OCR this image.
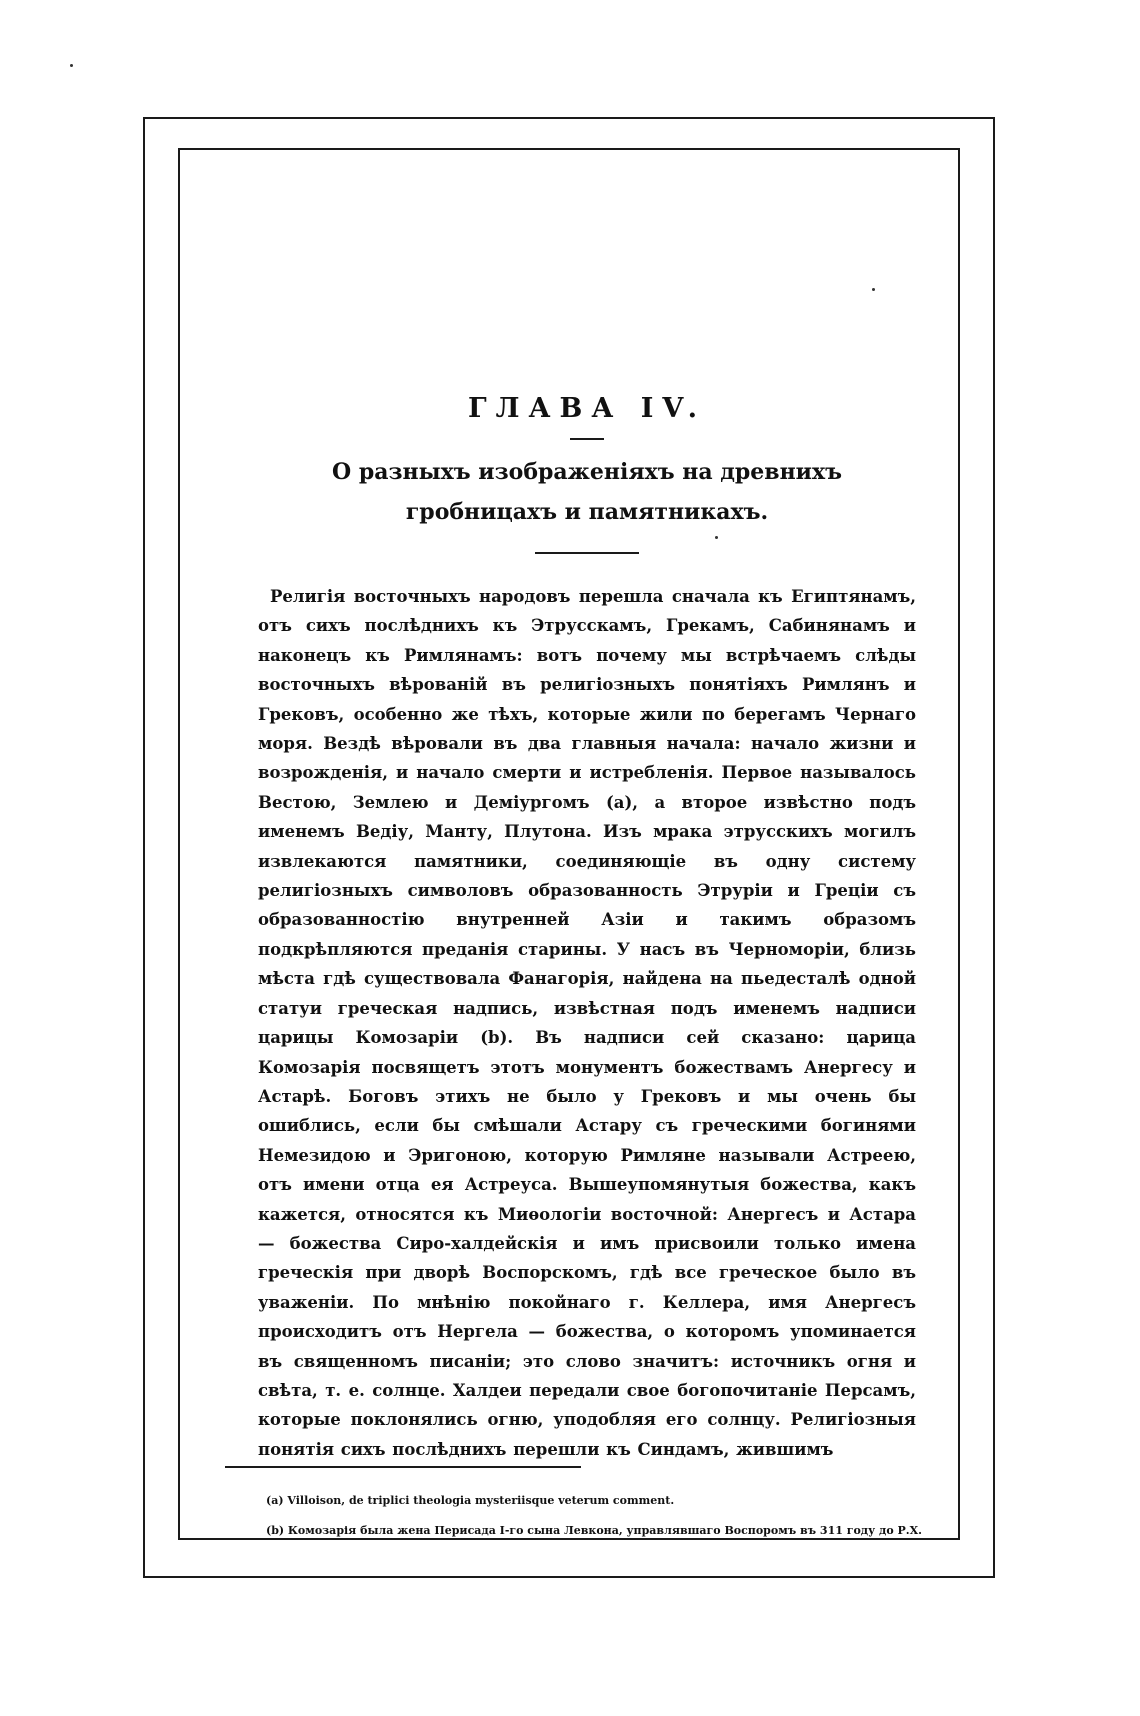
ГЛАВА IV.
О разныхъ изображеніяхъ на древнихъ гробницахъ и памятникахъ.

Религія восточныхъ народовъ перешла сначала къ Египтянамъ, отъ сихъ послѣднихъ къ Этрусскамъ, Грекамъ, Сабинянамъ и наконецъ къ Римлянамъ: вотъ почему мы встрѣчаемъ слѣды восточныхъ вѣрованій въ религіозныхъ понятіяхъ Римлянъ и Грековъ, особенно же тѣхъ, которые жили по берегамъ Чернаго моря. Вездѣ вѣровали въ два главныя начала: начало жизни и возрожденія, и начало смерти и истребленія. Первое называлось Вестою, Землею и Деміургомъ (а), а второе извѣстно подъ именемъ Ведіу, Манту, Плутона. Изъ мрака этрусскихъ могилъ извлекаются памятники, соединяющіе въ одну систему религіозныхъ символовъ образованность Этруріи и Греціи съ образованностію внутренней Азіи и такимъ образомъ подкрѣпляются преданія старины. У насъ въ Черноморіи, близь мѣста гдѣ существовала Фанагорія, найдена на пьедесталѣ одной статуи греческая надпись, извѣстная подъ именемъ надписи царицы Комозаріи (b). Въ надписи сей сказано: царица Комозарія посвящетъ этотъ монументъ божествамъ Анергесу и Астарѣ. Боговъ этихъ не было у Грековъ и мы очень бы ошиблись, если бы смѣшали Астару съ греческими богинями Немезидою и Эригоною, которую Римляне называли Астреею, отъ имени отца ея Астреуса. Вышеупомянутыя божества, какъ кажется, относятся къ Миѳологіи восточной: Анергесъ и Астара — божества Сиро-халдейскія и имъ присвоили только имена греческія при дворѣ Воспорскомъ, гдѣ все греческое было въ уваженіи. По мнѣнію покойнаго г. Келлера, имя Анергесъ происходитъ отъ Нергела — божества, о которомъ упоминается въ священномъ писаніи; это слово значитъ: источникъ огня и свѣта, т. е. солнце. Халдеи передали свое богопочитаніе Персамъ, которые поклонялись огню, уподобляя его солнцу. Религіозныя понятія сихъ послѣднихъ перешли къ Синдамъ, жившимъ

(a) Villoison, de triplici theologia mysteriisque veterum comment.
(b) Комозарія была жена Перисада I-го сына Левкона, управлявшаго Воспоромъ въ 311 году до Р.Х.
